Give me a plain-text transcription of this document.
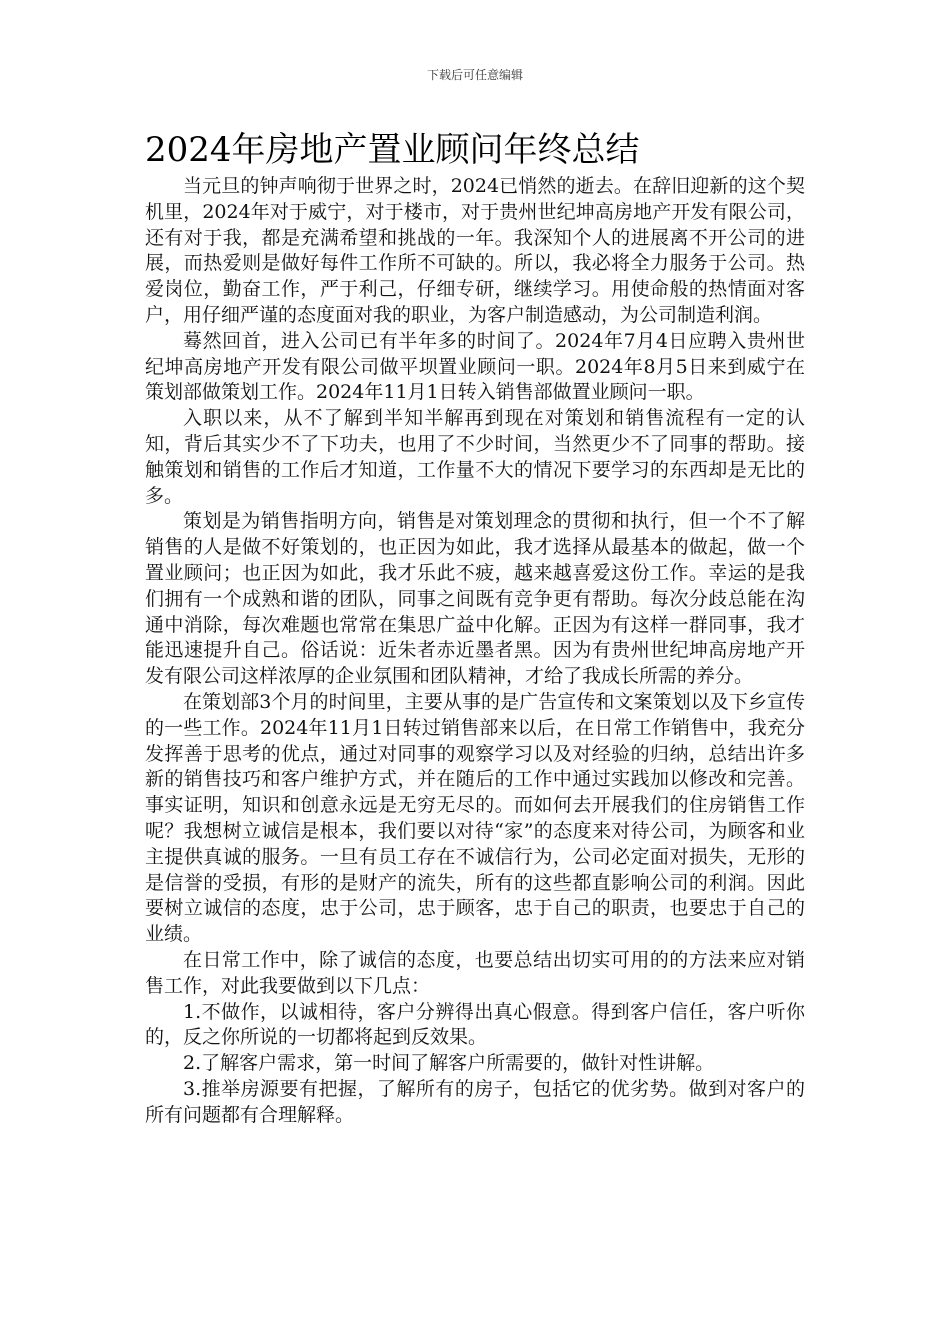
下载后可任意编辑
2024年房地产置业顾问年终总结

当元旦的钟声响彻于世界之时，2024已悄然的逝去。在辞旧迎新的这个契机里，2024年对于威宁，对于楼市，对于贵州世纪坤高房地产开发有限公司，还有对于我，都是充满希望和挑战的一年。我深知个人的进展离不开公司的进展，而热爱则是做好每件工作所不可缺的。所以，我必将全力服务于公司。热爱岗位，勤奋工作，严于利己，仔细专研，继续学习。用使命般的热情面对客户，用仔细严谨的态度面对我的职业，为客户制造感动，为公司制造利润。

蓦然回首，进入公司已有半年多的时间了。2024年7月4日应聘入贵州世纪坤高房地产开发有限公司做平坝置业顾问一职。2024年8月5日来到威宁在策划部做策划工作。2024年11月1日转入销售部做置业顾问一职。

入职以来，从不了解到半知半解再到现在对策划和销售流程有一定的认知，背后其实少不了下功夫，也用了不少时间，当然更少不了同事的帮助。接触策划和销售的工作后才知道，工作量不大的情况下要学习的东西却是无比的多。

策划是为销售指明方向，销售是对策划理念的贯彻和执行，但一个不了解销售的人是做不好策划的，也正因为如此，我才选择从最基本的做起，做一个置业顾问；也正因为如此，我才乐此不疲，越来越喜爱这份工作。幸运的是我们拥有一个成熟和谐的团队，同事之间既有竞争更有帮助。每次分歧总能在沟通中消除，每次难题也常常在集思广益中化解。正因为有这样一群同事，我才能迅速提升自己。俗话说：近朱者赤近墨者黑。因为有贵州世纪坤高房地产开发有限公司这样浓厚的企业氛围和团队精神，才给了我成长所需的养分。

在策划部3个月的时间里，主要从事的是广告宣传和文案策划以及下乡宣传的一些工作。2024年11月1日转过销售部来以后，在日常工作销售中，我充分发挥善于思考的优点，通过对同事的观察学习以及对经验的归纳，总结出许多新的销售技巧和客户维护方式，并在随后的工作中通过实践加以修改和完善。事实证明，知识和创意永远是无穷无尽的。而如何去开展我们的住房销售工作呢？我想树立诚信是根本，我们要以对待“家”的态度来对待公司，为顾客和业主提供真诚的服务。一旦有员工存在不诚信行为，公司必定面对损失，无形的是信誉的受损，有形的是财产的流失，所有的这些都直影响公司的利润。因此要树立诚信的态度，忠于公司，忠于顾客，忠于自己的职责，也要忠于自己的业绩。

在日常工作中，除了诚信的态度，也要总结出切实可用的的方法来应对销售工作，对此我要做到以下几点：

1.不做作，以诚相待，客户分辨得出真心假意。得到客户信任，客户听你的，反之你所说的一切都将起到反效果。

2.了解客户需求，第一时间了解客户所需要的，做针对性讲解。

3.推举房源要有把握，了解所有的房子，包括它的优劣势。做到对客户的所有问题都有合理解释。
